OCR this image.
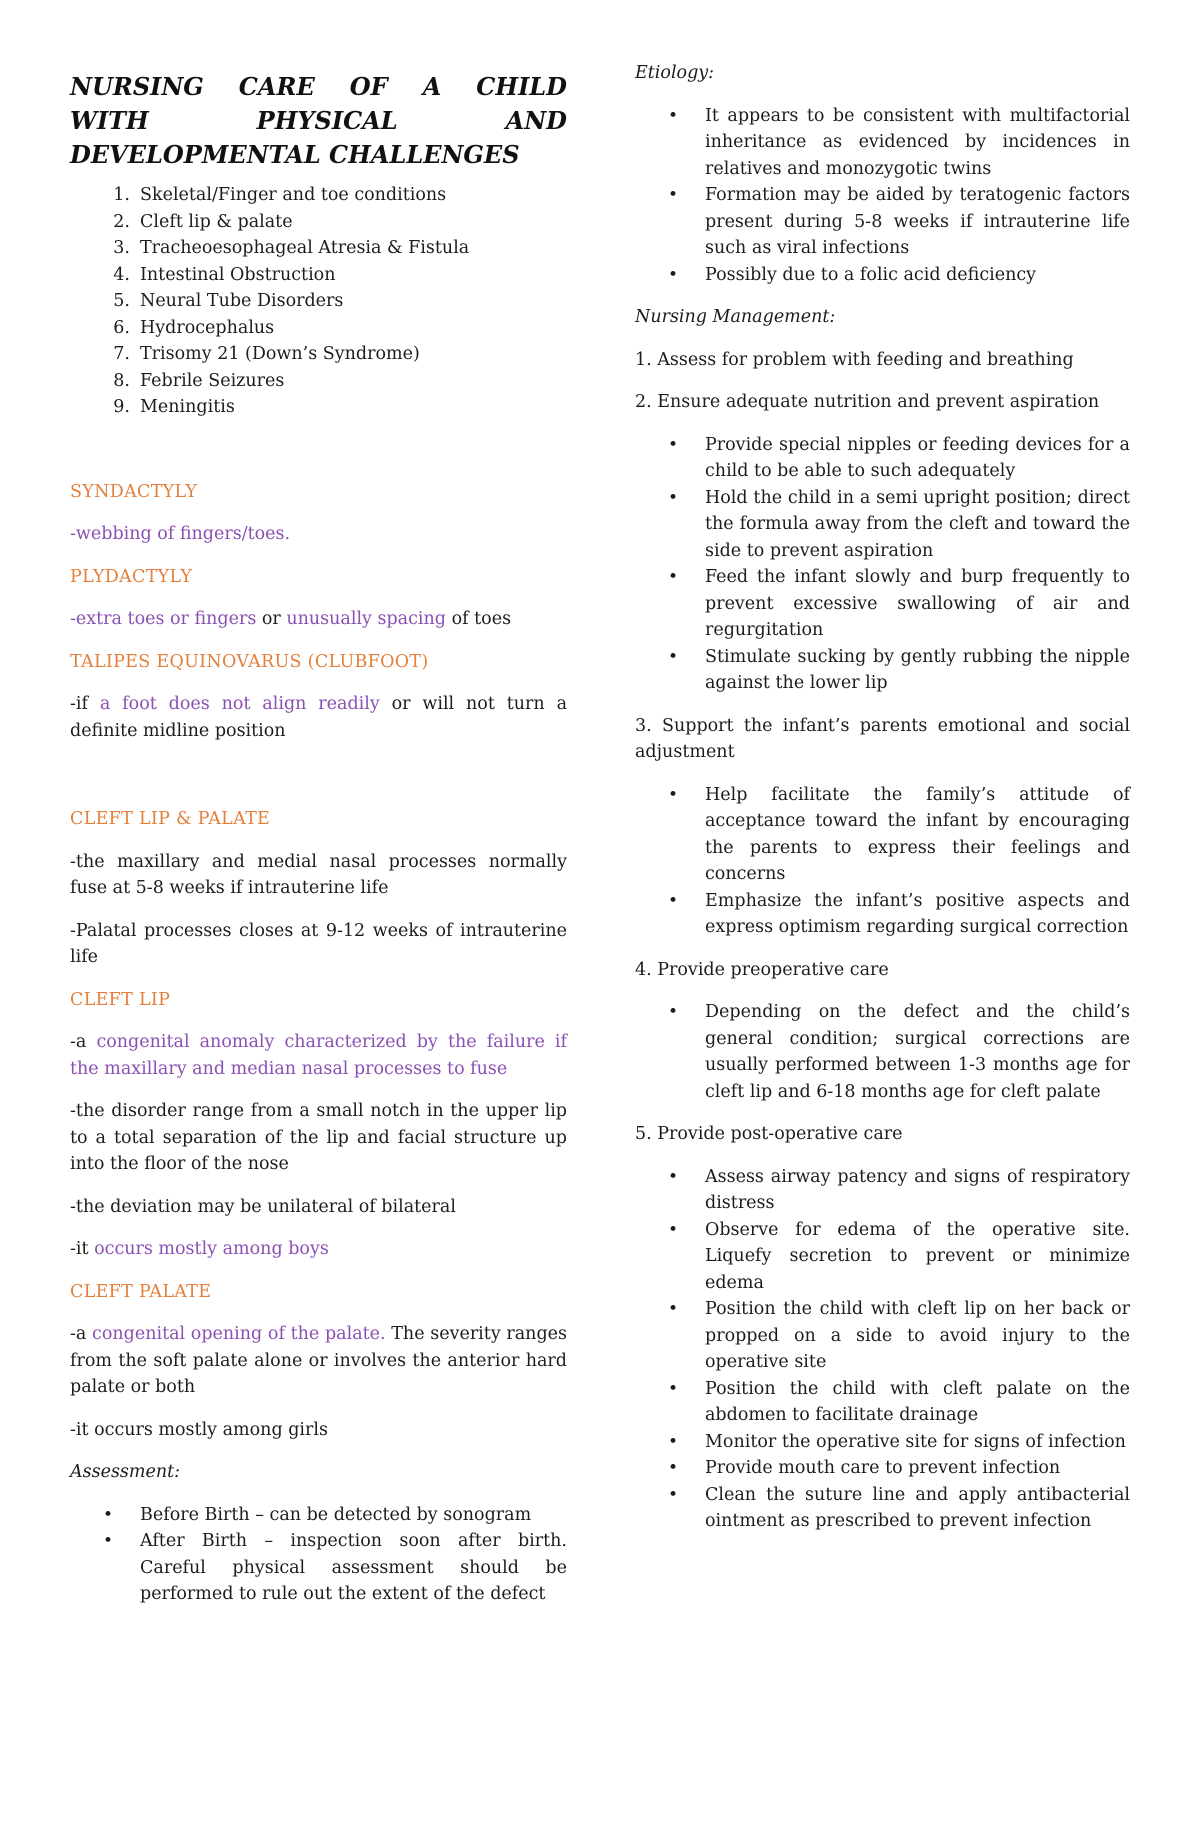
NURSING CARE OF A CHILD
WITH PHYSICAL AND
DEVELOPMENTAL CHALLENGES
1. Skeletal/Finger and toe conditions
2. Cleft lip & palate
3. Tracheoesophageal Atresia & Fistula
4. Intestinal Obstruction
5. Neural Tube Disorders
6. Hydrocephalus
7. Trisomy 21 (Down’s Syndrome)
8. Febrile Seizures
9. Meningitis
SYNDACTYLY

-webbing of fingers/toes.

PLYDACTYLY

-extra toes or fingers or unusually spacing of toes

TALIPES EQUINOVARUS (CLUBFOOT)

-if a foot does not align readily or will not turn a definite midline position

CLEFT LIP & PALATE

-the maxillary and medial nasal processes normally fuse at 5-8 weeks if intrauterine life

-Palatal processes closes at 9-12 weeks of intrauterine life

CLEFT LIP

-a congenital anomaly characterized by the failure if the maxillary and median nasal processes to fuse

-the disorder range from a small notch in the upper lip to a total separation of the lip and facial structure up into the floor of the nose

-the deviation may be unilateral of bilateral

-it occurs mostly among boys

CLEFT PALATE

-a congenital opening of the palate. The severity ranges from the soft palate alone or involves the anterior hard palate or both

-it occurs mostly among girls

Assessment:

• Before Birth – can be detected by sonogram
• After Birth – inspection soon after birth. Careful physical assessment should be performed to rule out the extent of the defect

Etiology:

• It appears to be consistent with multifactorial inheritance as evidenced by incidences in relatives and monozygotic twins
• Formation may be aided by teratogenic factors present during 5-8 weeks if intrauterine life such as viral infections
• Possibly due to a folic acid deficiency

Nursing Management:

1. Assess for problem with feeding and breathing

2. Ensure adequate nutrition and prevent aspiration

• Provide special nipples or feeding devices for a child to be able to such adequately
• Hold the child in a semi upright position; direct the formula away from the cleft and toward the side to prevent aspiration
• Feed the infant slowly and burp frequently to prevent excessive swallowing of air and regurgitation
• Stimulate sucking by gently rubbing the nipple against the lower lip

3. Support the infant’s parents emotional and social adjustment

• Help facilitate the family’s attitude of acceptance toward the infant by encouraging the parents to express their feelings and concerns
• Emphasize the infant’s positive aspects and express optimism regarding surgical correction

4. Provide preoperative care

• Depending on the defect and the child’s general condition; surgical corrections are usually performed between 1-3 months age for cleft lip and 6-18 months age for cleft palate

5. Provide post-operative care

• Assess airway patency and signs of respiratory distress
• Observe for edema of the operative site. Liquefy secretion to prevent or minimize edema
• Position the child with cleft lip on her back or propped on a side to avoid injury to the operative site
• Position the child with cleft palate on the abdomen to facilitate drainage
• Monitor the operative site for signs of infection
• Provide mouth care to prevent infection
• Clean the suture line and apply antibacterial ointment as prescribed to prevent infection
